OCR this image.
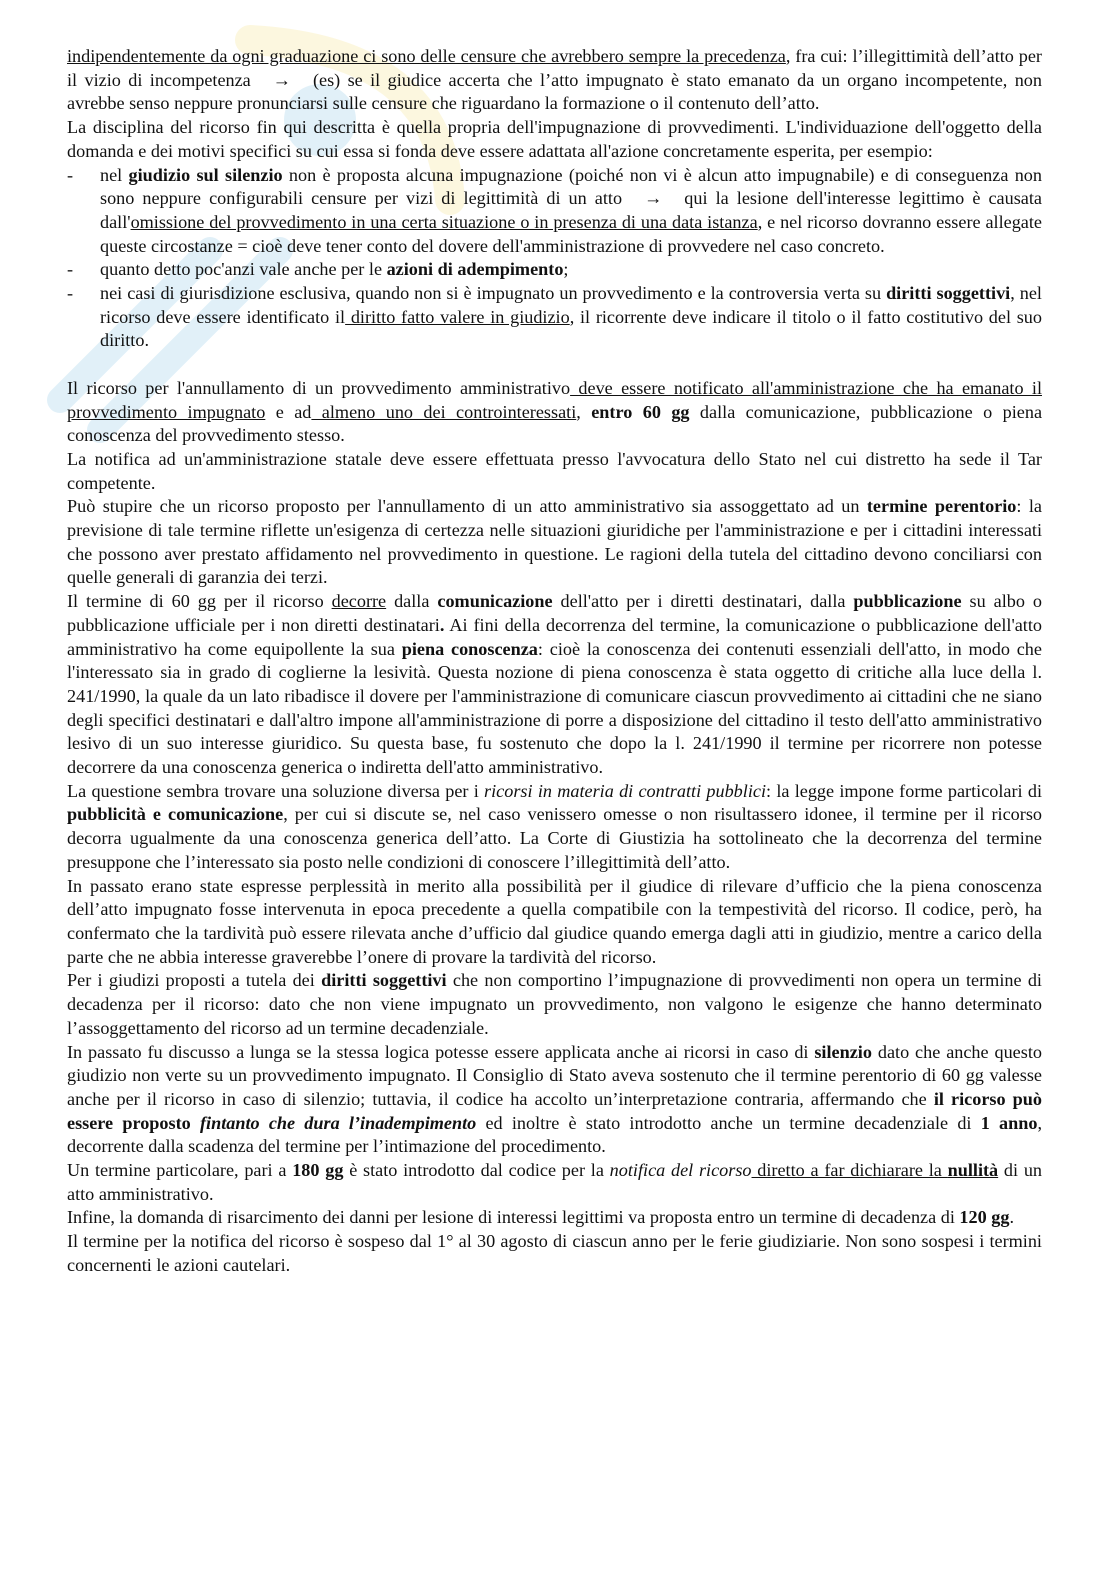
indipendentemente da ogni graduazione ci sono delle censure che avrebbero sempre la precedenza, fra cui: l’illegittimità dell’atto per il vizio di incompetenza → (es) se il giudice accerta che l’atto impugnato è stato emanato da un organo incompetente, non avrebbe senso neppure pronunciarsi sulle censure che riguardano la formazione o il contenuto dell’atto.

La disciplina del ricorso fin qui descritta è quella propria dell'impugnazione di provvedimenti. L'individuazione dell'oggetto della domanda e dei motivi specifici su cui essa si fonda deve essere adattata all'azione concretamente esperita, per esempio:

- nel giudizio sul silenzio non è proposta alcuna impugnazione (poiché non vi è alcun atto impugnabile) e di conseguenza non sono neppure configurabili censure per vizi di legittimità di un atto → qui la lesione dell'interesse legittimo è causata dall'omissione del provvedimento in una certa situazione o in presenza di una data istanza, e nel ricorso dovranno essere allegate queste circostanze = cioè deve tener conto del dovere dell'amministrazione di provvedere nel caso concreto.
- quanto detto poc'anzi vale anche per le azioni di adempimento;
- nei casi di giurisdizione esclusiva, quando non si è impugnato un provvedimento e la controversia verta su diritti soggettivi, nel ricorso deve essere identificato il diritto fatto valere in giudizio, il ricorrente deve indicare il titolo o il fatto costitutivo del suo diritto.

Il ricorso per l'annullamento di un provvedimento amministrativo deve essere notificato all'amministrazione che ha emanato il provvedimento impugnato e ad almeno uno dei controinteressati, entro 60 gg dalla comunicazione, pubblicazione o piena conoscenza del provvedimento stesso.

La notifica ad un'amministrazione statale deve essere effettuata presso l'avvocatura dello Stato nel cui distretto ha sede il Tar competente.

Può stupire che un ricorso proposto per l'annullamento di un atto amministrativo sia assoggettato ad un termine perentorio: la previsione di tale termine riflette un'esigenza di certezza nelle situazioni giuridiche per l'amministrazione e per i cittadini interessati che possono aver prestato affidamento nel provvedimento in questione. Le ragioni della tutela del cittadino devono conciliarsi con quelle generali di garanzia dei terzi.

Il termine di 60 gg per il ricorso decorre dalla comunicazione dell'atto per i diretti destinatari, dalla pubblicazione su albo o pubblicazione ufficiale per i non diretti destinatari. Ai fini della decorrenza del termine, la comunicazione o pubblicazione dell'atto amministrativo ha come equipollente la sua piena conoscenza: cioè la conoscenza dei contenuti essenziali dell'atto, in modo che l'interessato sia in grado di coglierne la lesività. Questa nozione di piena conoscenza è stata oggetto di critiche alla luce della l. 241/1990, la quale da un lato ribadisce il dovere per l'amministrazione di comunicare ciascun provvedimento ai cittadini che ne siano degli specifici destinatari e dall'altro impone all'amministrazione di porre a disposizione del cittadino il testo dell'atto amministrativo lesivo di un suo interesse giuridico. Su questa base, fu sostenuto che dopo la l. 241/1990 il termine per ricorrere non potesse decorrere da una conoscenza generica o indiretta dell'atto amministrativo.

La questione sembra trovare una soluzione diversa per i ricorsi in materia di contratti pubblici: la legge impone forme particolari di pubblicità e comunicazione, per cui si discute se, nel caso venissero omesse o non risultassero idonee, il termine per il ricorso decorra ugualmente da una conoscenza generica dell’atto. La Corte di Giustizia ha sottolineato che la decorrenza del termine presuppone che l’interessato sia posto nelle condizioni di conoscere l’illegittimità dell’atto.

In passato erano state espresse perplessità in merito alla possibilità per il giudice di rilevare d’ufficio che la piena conoscenza dell’atto impugnato fosse intervenuta in epoca precedente a quella compatibile con la tempestività del ricorso. Il codice, però, ha confermato che la tardività può essere rilevata anche d’ufficio dal giudice quando emerga dagli atti in giudizio, mentre a carico della parte che ne abbia interesse graverebbe l’onere di provare la tardività del ricorso.

Per i giudizi proposti a tutela dei diritti soggettivi che non comportino l’impugnazione di provvedimenti non opera un termine di decadenza per il ricorso: dato che non viene impugnato un provvedimento, non valgono le esigenze che hanno determinato l’assoggettamento del ricorso ad un termine decadenziale.

In passato fu discusso a lunga se la stessa logica potesse essere applicata anche ai ricorsi in caso di silenzio dato che anche questo giudizio non verte su un provvedimento impugnato. Il Consiglio di Stato aveva sostenuto che il termine perentorio di 60 gg valesse anche per il ricorso in caso di silenzio; tuttavia, il codice ha accolto un’interpretazione contraria, affermando che il ricorso può essere proposto fintanto che dura l’inadempimento ed inoltre è stato introdotto anche un termine decadenziale di 1 anno, decorrente dalla scadenza del termine per l’intimazione del procedimento.

Un termine particolare, pari a 180 gg è stato introdotto dal codice per la notifica del ricorso diretto a far dichiarare la nullità di un atto amministrativo.

Infine, la domanda di risarcimento dei danni per lesione di interessi legittimi va proposta entro un termine di decadenza di 120 gg.

Il termine per la notifica del ricorso è sospeso dal 1° al 30 agosto di ciascun anno per le ferie giudiziarie. Non sono sospesi i termini concernenti le azioni cautelari.
